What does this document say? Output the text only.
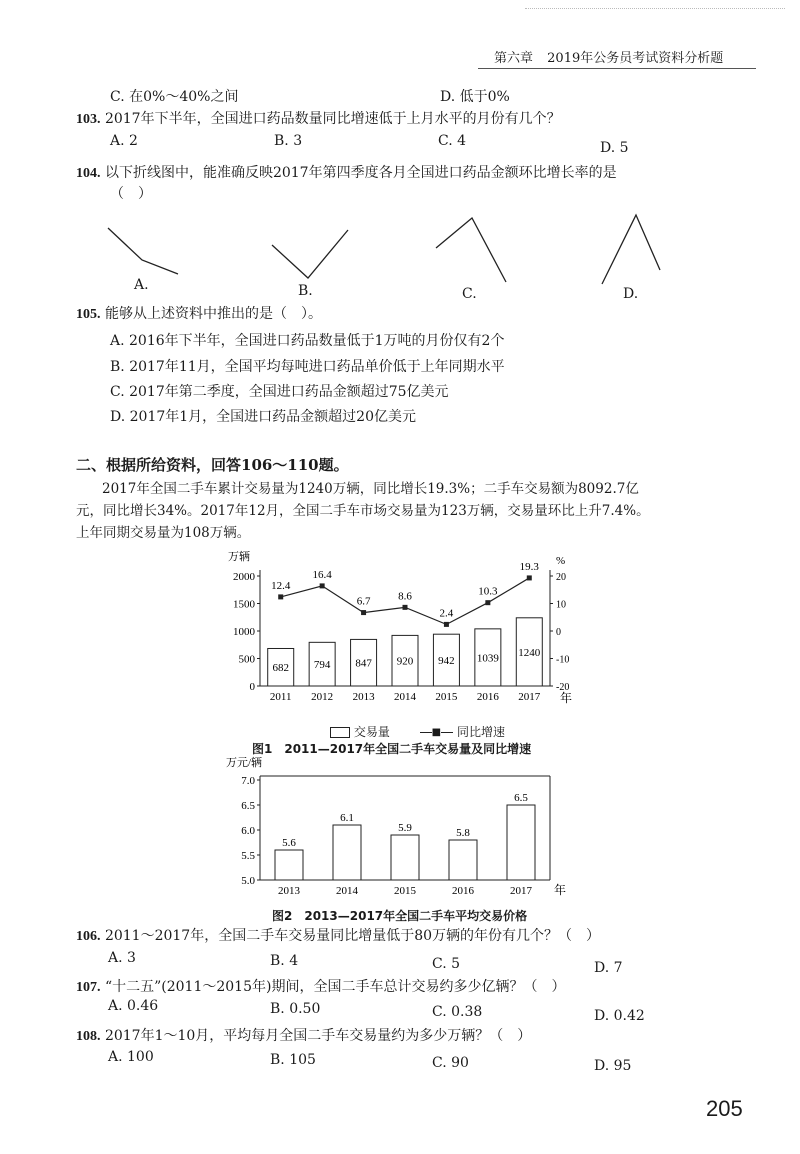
第六章 2019年公务员考试资料分析题
C. 在0%～40%之间	D. 低于0%
103. 2017年下半年，全国进口药品数量同比增速低于上月水平的月份有几个？
A. 2	B. 3	C. 4	D. 5
104. 以下折线图中，能准确反映2017年第四季度各月全国进口药品金额环比增长率的是
（　）
A.	B.	C.	D.
105. 能够从上述资料中推出的是（　）。
A. 2016年下半年，全国进口药品数量低于1万吨的月份仅有2个
B. 2017年11月，全国平均每吨进口药品单价低于上年同期水平
C. 2017年第二季度，全国进口药品金额超过75亿美元
D. 2017年1月，全国进口药品金额超过20亿美元
二、根据所给资料，回答106～110题。
2017年全国二手车累计交易量为1240万辆，同比增长19.3%；二手车交易额为8092.7亿
元，同比增长34%。2017年12月，全国二手车市场交易量为123万辆，交易量环比上升7.4%。
上年同期交易量为108万辆。
万辆	%
0
500
1000
1500
2000
-20
-10
0
10
20
682 794 847 920 942 1039 1240
2011 2012 2013 2014 2015 2016 2017 年
12.4
16.4
6.7	8.6
2.4
10.3
19.3
交易量	■ 同比增速
图1　2011—2017年全国二手车交易量及同比增速
万元/辆
5.0
5.5
6.0
6.5
7.0
5.6
6.1
5.9	5.8
6.5
2013	2014	2015	2016	2017 年
图2　2013—2017年全国二手车平均交易价格
106. 2011～2017年，全国二手车交易量同比增量低于80万辆的年份有几个？（　）
A. 3	B. 4	C. 5	D. 7
107. “十二五”(2011～2015年)期间，全国二手车总计交易约多少亿辆？（　）
A. 0.46	B. 0.50	C. 0.38	D. 0.42
108. 2017年1～10月，平均每月全国二手车交易量约为多少万辆？（　）
A. 100	B. 105	C. 90	D. 95
205
